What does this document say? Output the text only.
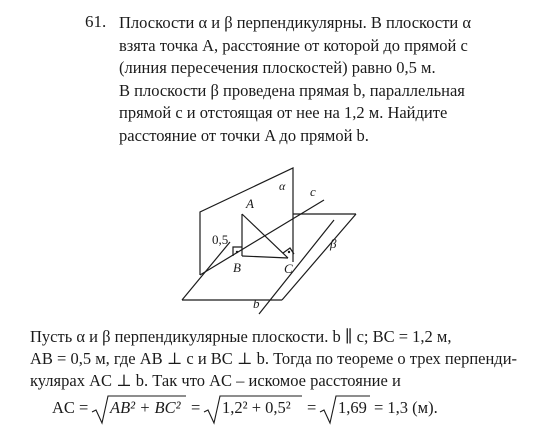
61. Плоскости α и β перпендикулярны. В плоскости α
взята точка A, расстояние от которой до прямой c
(линия пересечения плоскостей) равно 0,5 м.
В плоскости β проведена прямая b, параллельная
прямой c и отстоящая от нее на 1,2 м. Найдите
расстояние от точки A до прямой b.
α c
A
0,5	β
B	C
b
Пусть α и β перпендикулярные плоскости. b ∥ c; BC = 1,2 м,
AB = 0,5 м, где AB ⊥ c и BC ⊥ b. Тогда по теореме о трех перпенди-
кулярах AC ⊥ b. Так что AC – искомое расстояние и
AC = AB² + BC² = 1,2² + 0,5² = 1,69 = 1,3 (м).
